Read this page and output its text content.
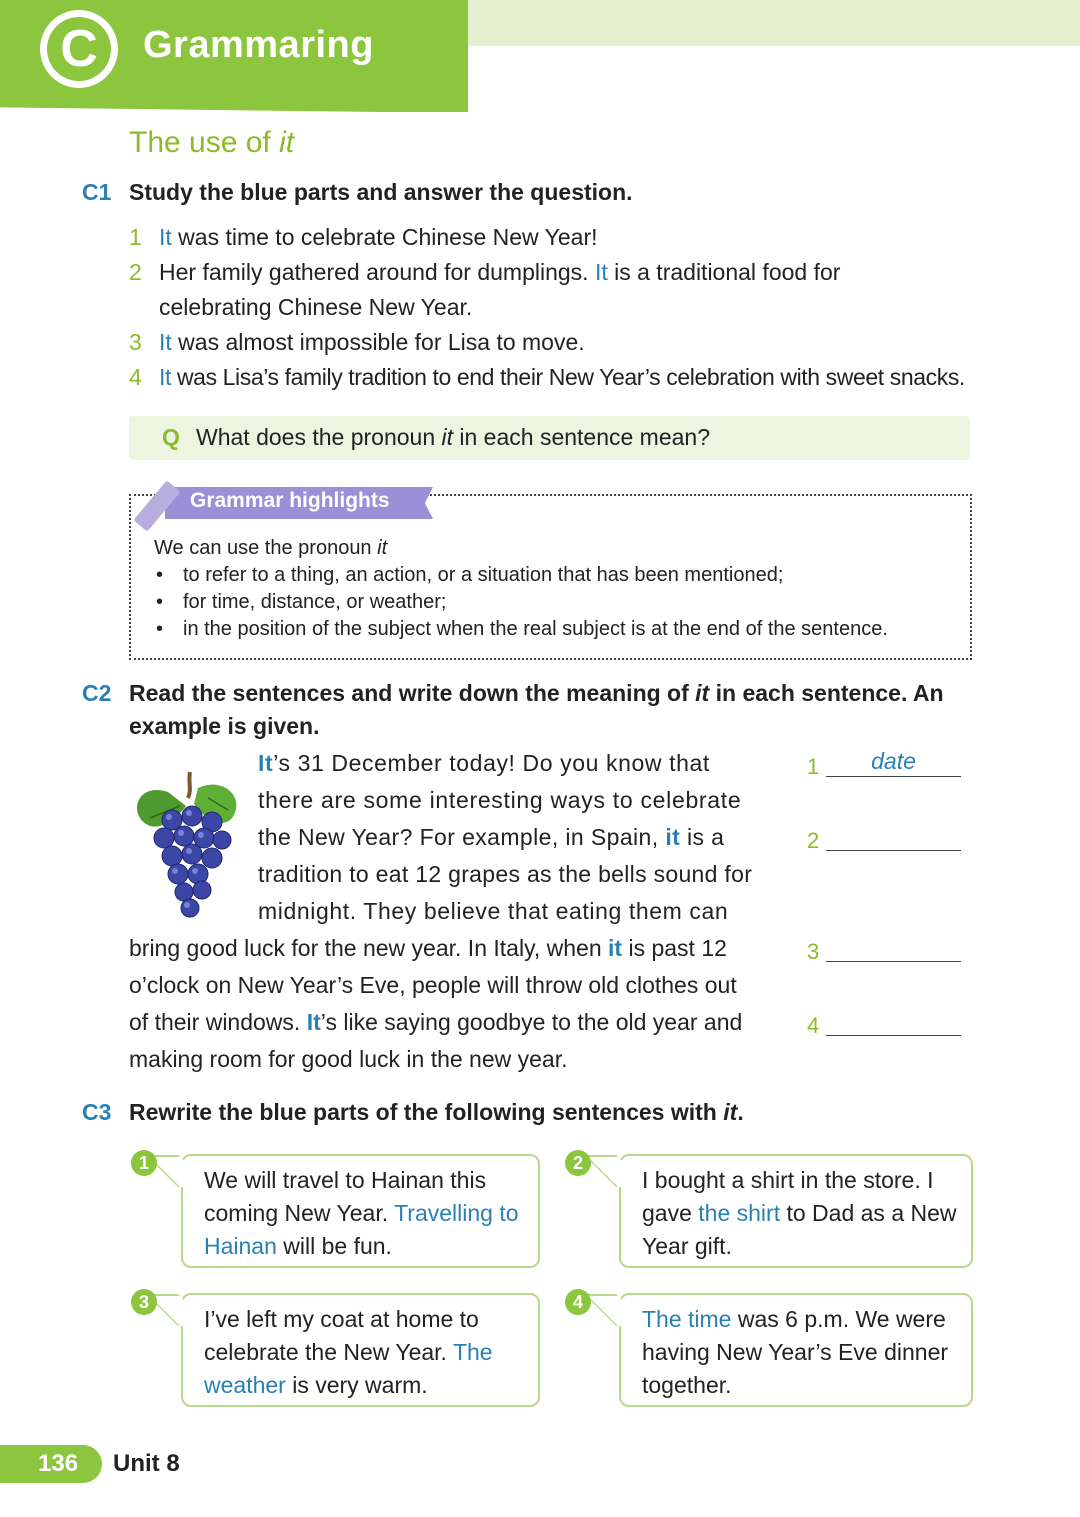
C	Grammaring
The use of it
C1 Study the blue parts and answer the question.
1 It was time to celebrate Chinese New Year!
2 Her family gathered around for dumplings. It is a traditional food for
celebrating Chinese New Year.
3 It was almost impossible for Lisa to move.
4 It was Lisa’s family tradition to end their New Year’s celebration with sweet snacks.
Q What does the pronoun it in each sentence mean?
Grammar highlights
We can use the pronoun it
• to refer to a thing, an action, or a situation that has been mentioned;
• for time, distance, or weather;
• in the position of the subject when the real subject is at the end of the sentence.
C2 Read the sentences and write down the meaning of it in each sentence. An
example is given.
It’s 31 December today! Do you know that
there are some interesting ways to celebrate
the New Year? For example, in Spain, it is a
tradition to eat 12 grapes as the bells sound for
midnight. They believe that eating them can
bring good luck for the new year. In Italy, when it is past 12
o’clock on New Year’s Eve, people will throw old clothes out
of their windows. It’s like saying goodbye to the old year and
making room for good luck in the new year.
1	date
2
3
4
C3 Rewrite the blue parts of the following sentences with it.
1
We will travel to Hainan this
coming New Year. Travelling to
Hainan will be fun.
2
I bought a shirt in the store. I
gave the shirt to Dad as a New
Year gift.
3
I’ve left my coat at home to
celebrate the New Year. The
weather is very warm.
4
The time was 6 p.m. We were
having New Year’s Eve dinner
together.
136 Unit 8
